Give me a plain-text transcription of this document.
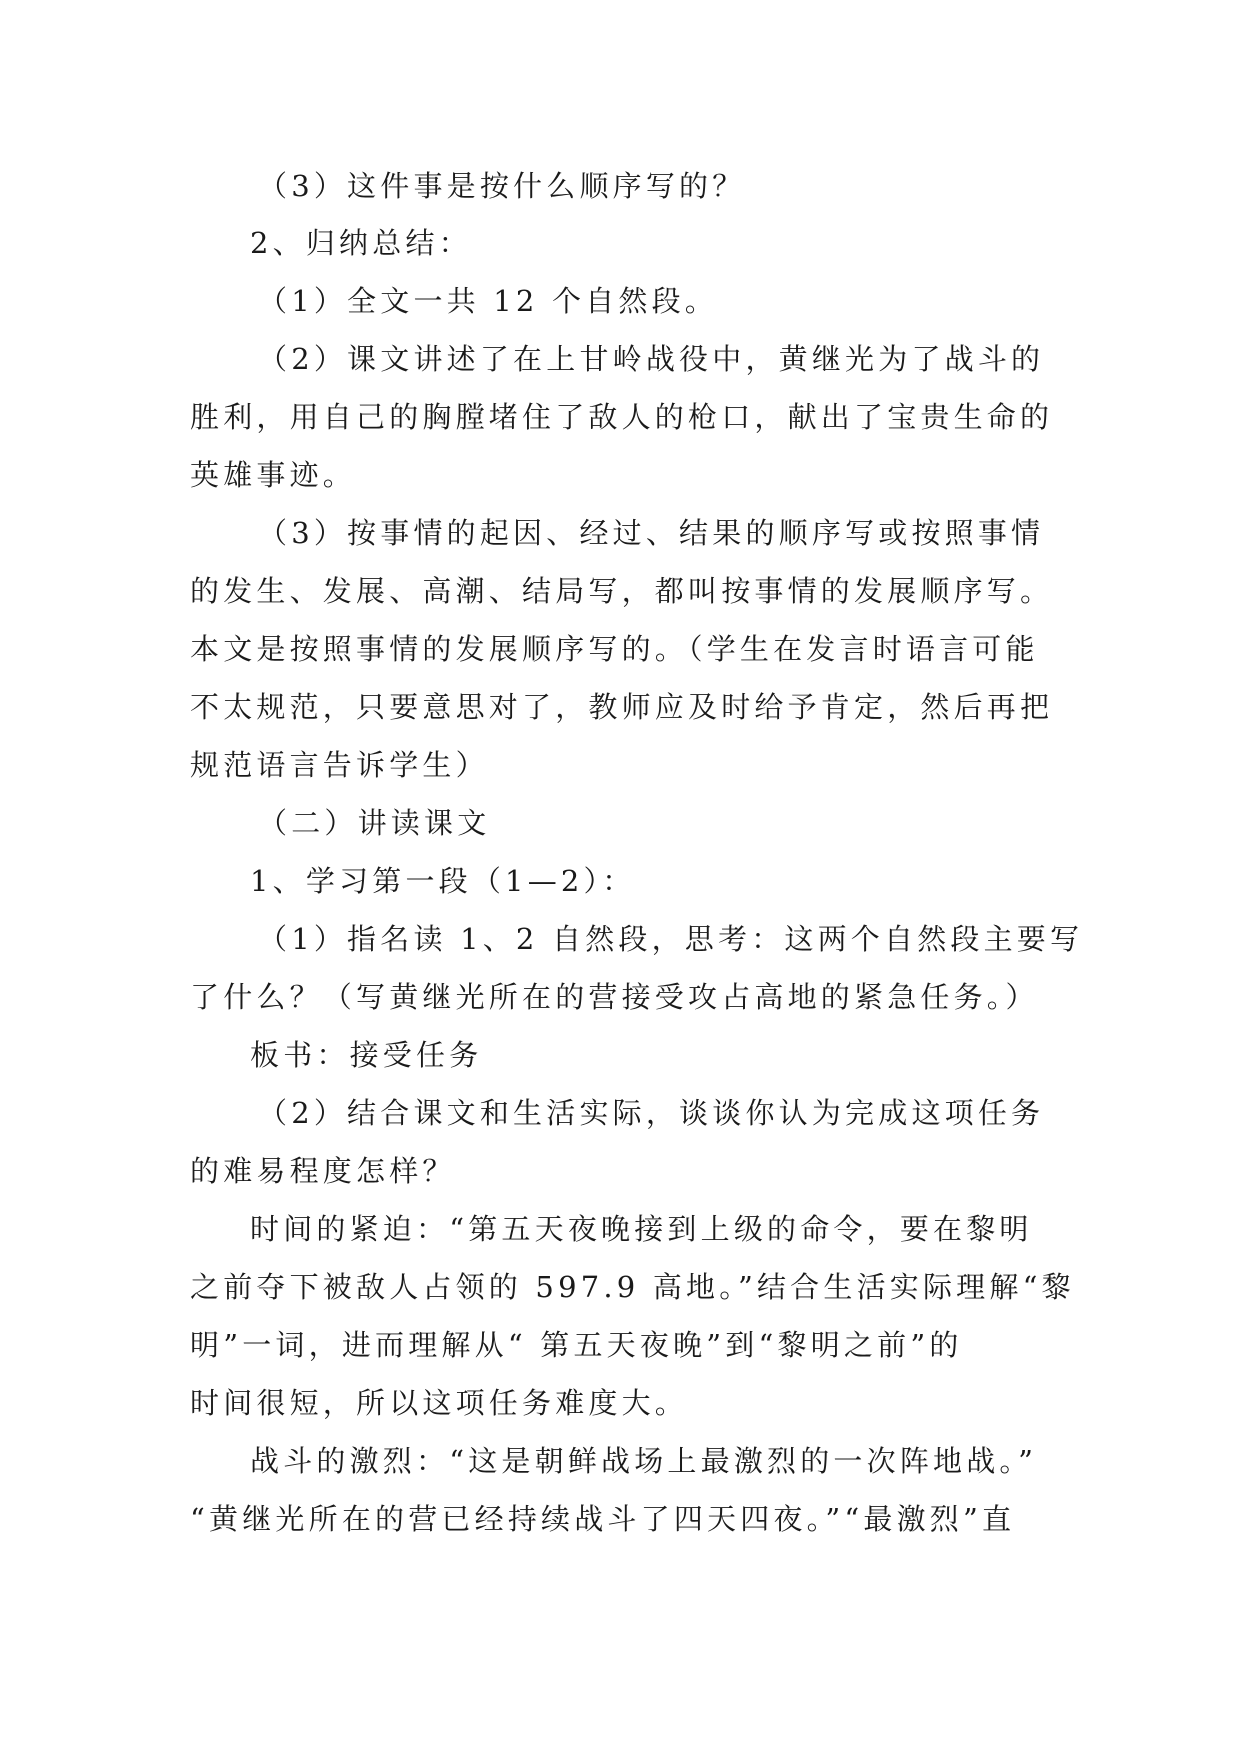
（3）这件事是按什么顺序写的？

2、归纳总结：

（1）全文一共 12 个自然段。

（2）课文讲述了在上甘岭战役中，黄继光为了战斗的

胜利，用自己的胸膛堵住了敌人的枪口，献出了宝贵生命的

英雄事迹。

（3）按事情的起因、经过、结果的顺序写或按照事情

的发生、发展、高潮、结局写，都叫按事情的发展顺序写。

本文是按照事情的发展顺序写的。（学生在发言时语言可能

不太规范，只要意思对了，教师应及时给予肯定，然后再把

规范语言告诉学生）

（二）讲读课文

1、学习第一段（1—2）：

（1）指名读 1、2 自然段，思考：这两个自然段主要写

了什么？（写黄继光所在的营接受攻占高地的紧急任务。）

板书：接受任务

（2）结合课文和生活实际，谈谈你认为完成这项任务

的难易程度怎样？

时间的紧迫：“第五天夜晚接到上级的命令，要在黎明

之前夺下被敌人占领的 597.9 高地。”结合生活实际理解“黎

明”一词，进而理解从“ 第五天夜晚”到“黎明之前”的

时间很短，所以这项任务难度大。

战斗的激烈：“这是朝鲜战场上最激烈的一次阵地战。”

“黄继光所在的营已经持续战斗了四天四夜。”“最激烈”直
